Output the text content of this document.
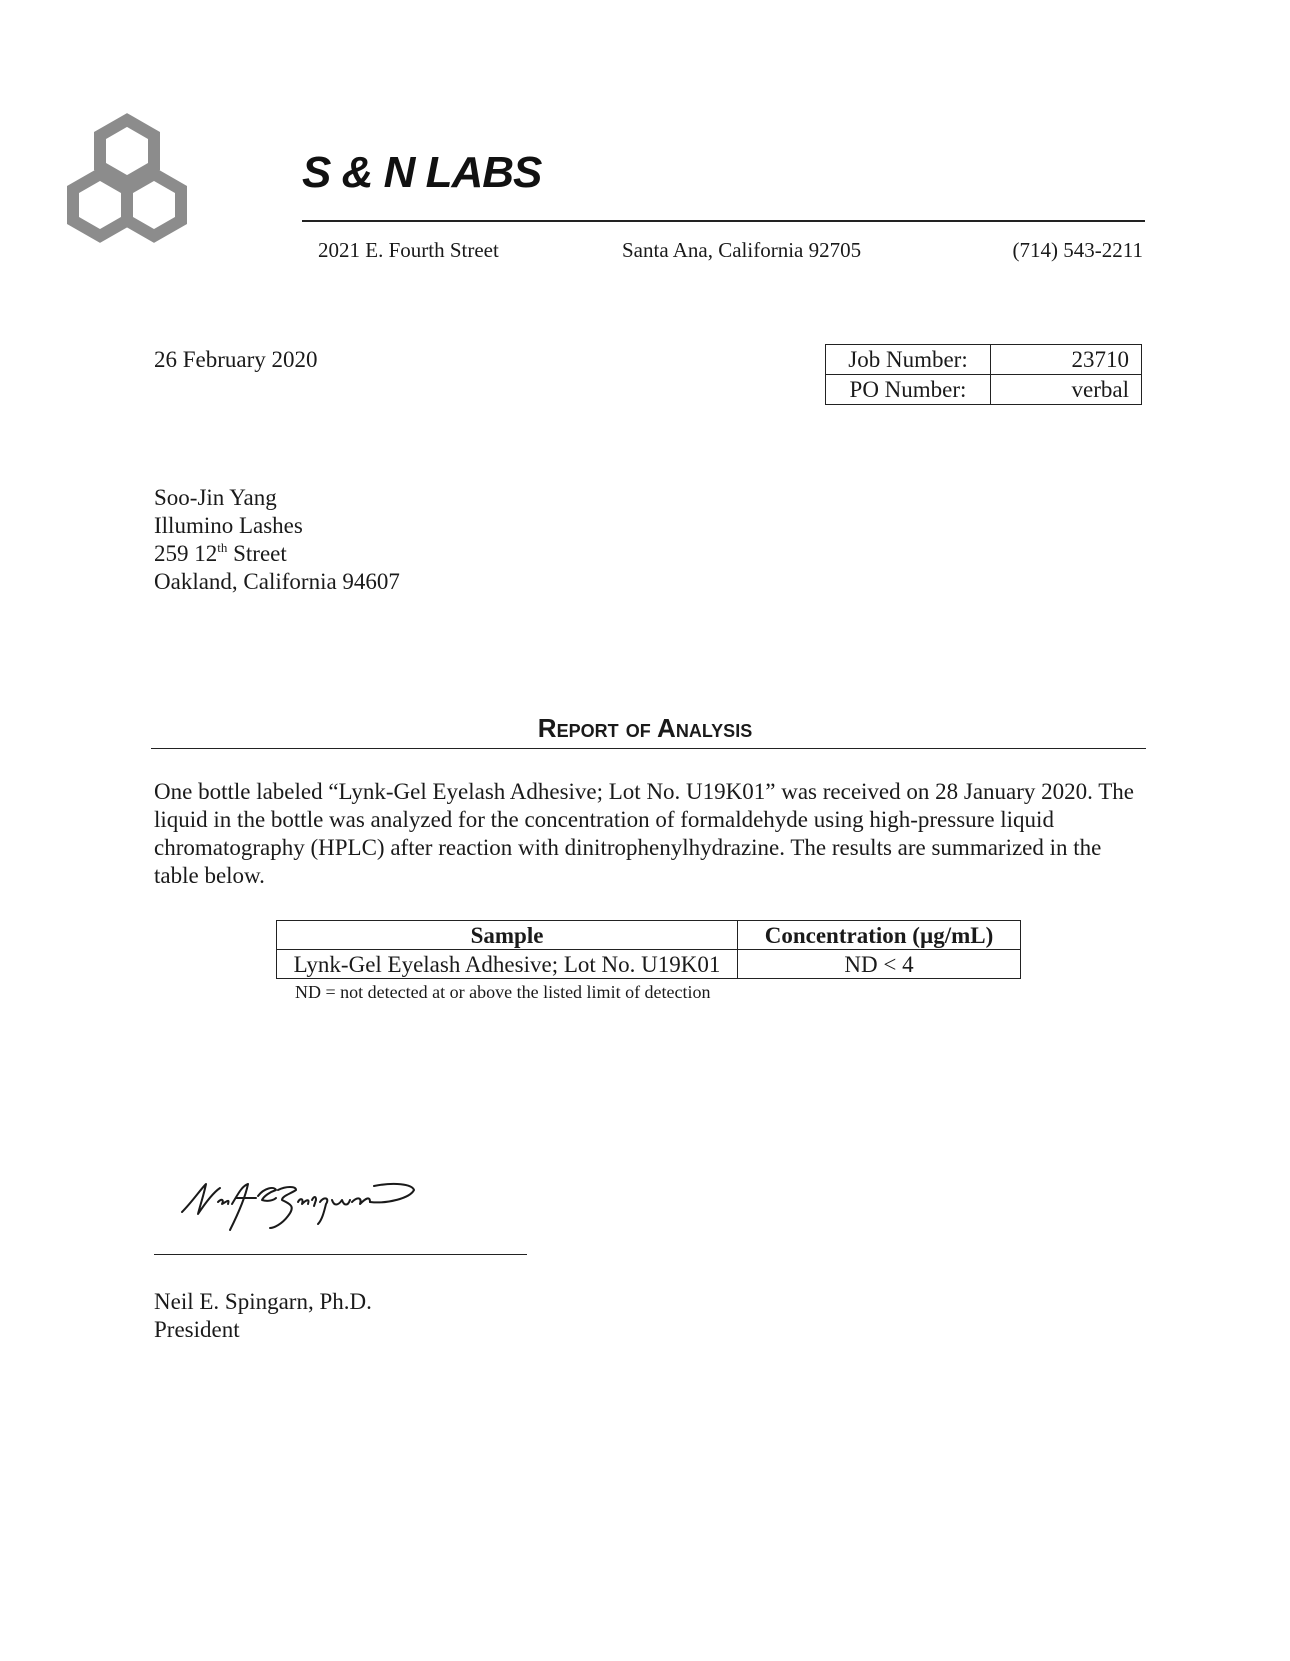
S & N LABS
2021 E. Fourth Street	Santa Ana, California 92705	(714) 543-2211
26 February 2020	Job Number:	23710
PO Number:	verbal
Soo-Jin Yang
Illumino Lashes
259 12th Street
Oakland, California 94607
Report of Analysis
One bottle labeled “Lynk-Gel Eyelash Adhesive; Lot No. U19K01” was received on 28 January 2020. The liquid in the bottle was analyzed for the concentration of formaldehyde using high-pressure liquid chromatography (HPLC) after reaction with dinitrophenylhydrazine. The results are summarized in the table below.
Sample	Concentration (µg/mL)
Lynk-Gel Eyelash Adhesive; Lot No. U19K01	ND < 4
ND = not detected at or above the listed limit of detection
Neil E. Spingarn, Ph.D.
President
